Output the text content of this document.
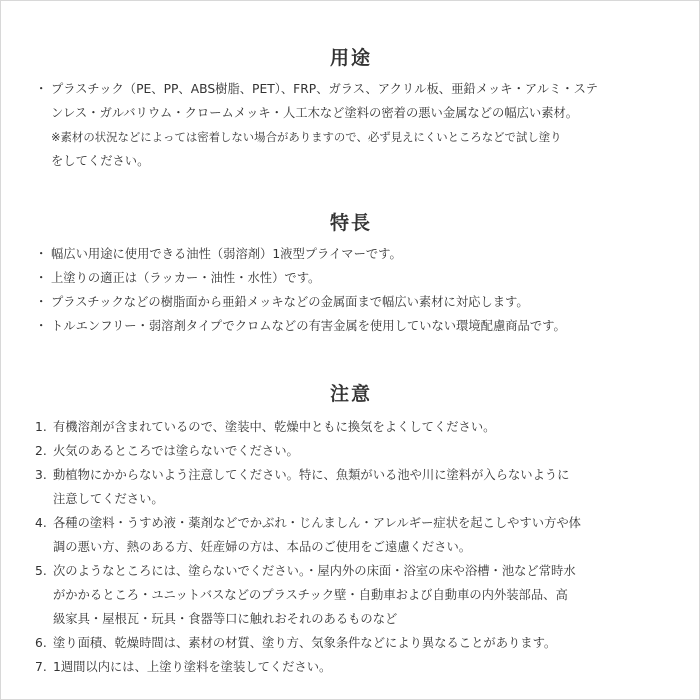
用途
・ プラスチック（PE、PP、ABS樹脂、PET）、FRP、ガラス、アクリル板、亜鉛メッキ・アルミ・ステ
ンレス・ガルバリウム・クロームメッキ・人工木など塗料の密着の悪い金属などの幅広い素材。
※素材の状況などによっては密着しない場合がありますので、必ず見えにくいところなどで試し塗り
をしてください。
特長
・ 幅広い用途に使用できる油性（弱溶剤）1液型プライマーです。
・ 上塗りの適正は（ラッカー・油性・水性）です。
・ プラスチックなどの樹脂面から亜鉛メッキなどの金属面まで幅広い素材に対応します。
・ トルエンフリー・弱溶剤タイプでクロムなどの有害金属を使用していない環境配慮商品です。
注意
1. 有機溶剤が含まれているので、塗装中、乾燥中ともに換気をよくしてください。
2. 火気のあるところでは塗らないでください。
3. 動植物にかからないよう注意してください。特に、魚類がいる池や川に塗料が入らないように
注意してください。
4. 各種の塗料・うすめ液・薬剤などでかぶれ・じんましん・アレルギー症状を起こしやすい方や体
調の悪い方、熱のある方、妊産婦の方は、本品のご使用をご遠慮ください。
5. 次のようなところには、塗らないでください。・屋内外の床面・浴室の床や浴槽・池など常時水
がかかるところ・ユニットバスなどのプラスチック壁・自動車および自動車の内外装部品、高
級家具・屋根瓦・玩具・食器等口に触れおそれのあるものなど
6. 塗り面積、乾燥時間は、素材の材質、塗り方、気象条件などにより異なることがあります。
7. 1週間以内には、上塗り塗料を塗装してください。
